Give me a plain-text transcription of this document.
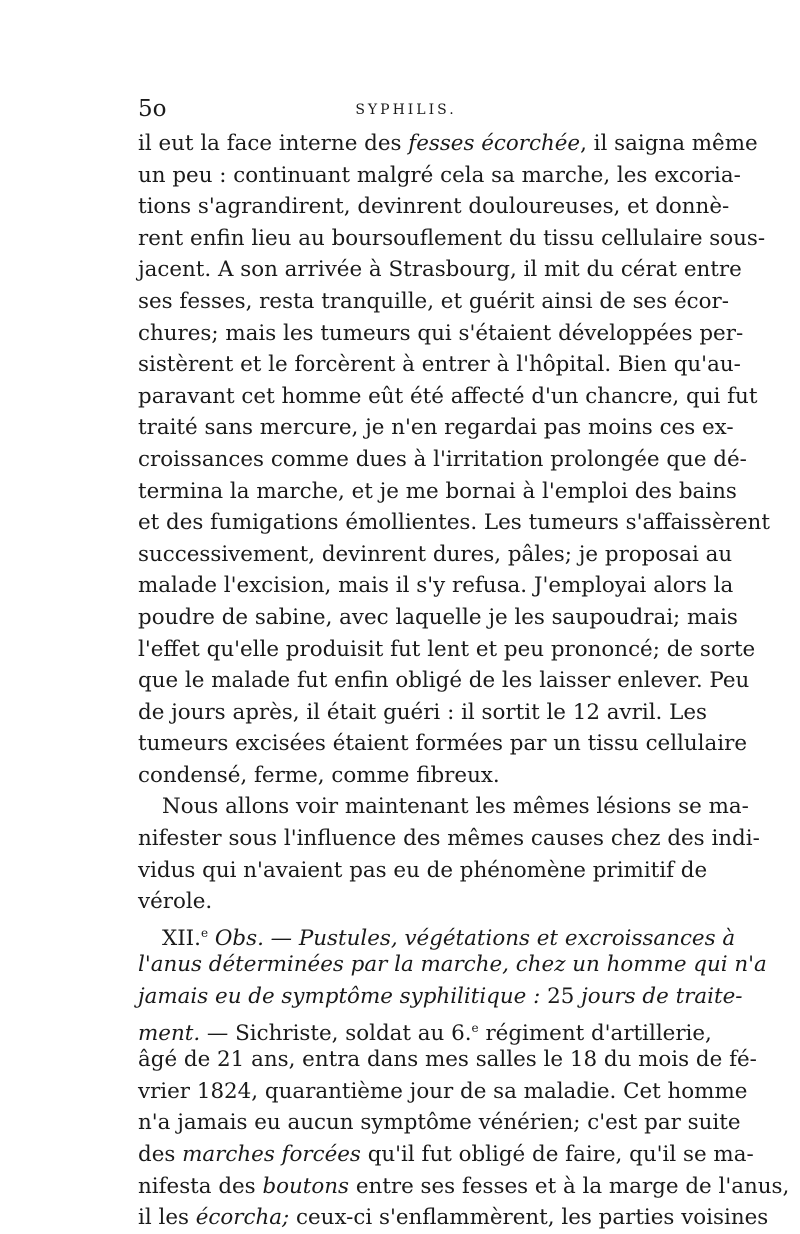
5o	SYPHILIS.
il eut la face interne des fesses écorchée, il saigna même
un peu : continuant malgré cela sa marche, les excoria-
tions s'agrandirent, devinrent douloureuses, et donnè-
rent enfin lieu au boursouflement du tissu cellulaire sous-
jacent. A son arrivée à Strasbourg, il mit du cérat entre
ses fesses, resta tranquille, et guérit ainsi de ses écor-
chures; mais les tumeurs qui s'étaient développées per-
sistèrent et le forcèrent à entrer à l'hôpital. Bien qu'au-
paravant cet homme eût été affecté d'un chancre, qui fut
traité sans mercure, je n'en regardai pas moins ces ex-
croissances comme dues à l'irritation prolongée que dé-
termina la marche, et je me bornai à l'emploi des bains
et des fumigations émollientes. Les tumeurs s'affaissèrent
successivement, devinrent dures, pâles; je proposai au
malade l'excision, mais il s'y refusa. J'employai alors la
poudre de sabine, avec laquelle je les saupoudrai; mais
l'effet qu'elle produisit fut lent et peu prononcé; de sorte
que le malade fut enfin obligé de les laisser enlever. Peu
de jours après, il était guéri : il sortit le 12 avril. Les
tumeurs excisées étaient formées par un tissu cellulaire
condensé, ferme, comme fibreux.
Nous allons voir maintenant les mêmes lésions se ma-
nifester sous l'influence des mêmes causes chez des indi-
vidus qui n'avaient pas eu de phénomène primitif de
vérole.
XII.$^e$ Obs. — Pustules, végétations et excroissances à
l'anus déterminées par la marche, chez un homme qui n'a
jamais eu de symptôme syphilitique : 25 jours de traite-
ment. — Sichriste, soldat au 6.$^e$ régiment d'artillerie,
âgé de 21 ans, entra dans mes salles le 18 du mois de fé-
vrier 1824, quarantième jour de sa maladie. Cet homme
n'a jamais eu aucun symptôme vénérien; c'est par suite
des marches forcées qu'il fut obligé de faire, qu'il se ma-
nifesta des boutons entre ses fesses et à la marge de l'anus,
il les écorcha; ceux-ci s'enflammèrent, les parties voisines
